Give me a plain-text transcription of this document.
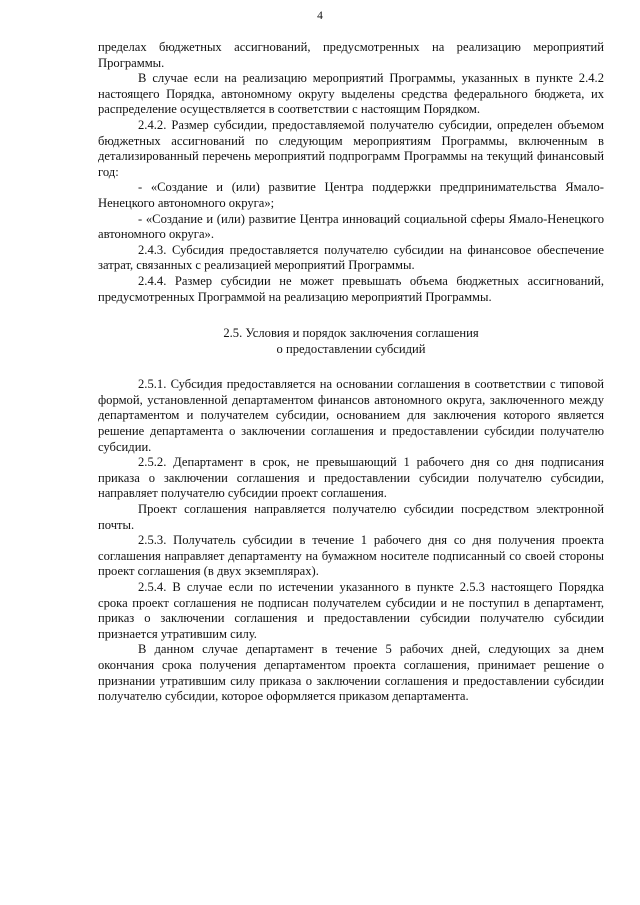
4

пределах бюджетных ассигнований, предусмотренных на реализацию мероприятий Программы.

В случае если на реализацию мероприятий Программы, указанных в пункте 2.4.2 настоящего Порядка, автономному округу выделены средства федерального бюджета, их распределение осуществляется в соответствии с настоящим Порядком.

2.4.2. Размер субсидии, предоставляемой получателю субсидии, определен объемом бюджетных ассигнований по следующим мероприятиям Программы, включенным в детализированный перечень мероприятий подпрограмм Программы на текущий финансовый год:

- «Создание и (или) развитие Центра поддержки предпринимательства Ямало-Ненецкого автономного округа»;

- «Создание и (или) развитие Центра инноваций социальной сферы Ямало-Ненецкого автономного округа».

2.4.3. Субсидия предоставляется получателю субсидии на финансовое обеспечение затрат, связанных с реализацией мероприятий Программы.

2.4.4. Размер субсидии не может превышать объема бюджетных ассигнований, предусмотренных Программой на реализацию мероприятий Программы.

2.5. Условия и порядок заключения соглашения
о предоставлении субсидий

2.5.1. Субсидия предоставляется на основании соглашения в соответствии с типовой формой, установленной департаментом финансов автономного округа, заключенного между департаментом и получателем субсидии, основанием для заключения которого является решение департамента о заключении соглашения и предоставлении субсидии получателю субсидии.

2.5.2. Департамент в срок, не превышающий 1 рабочего дня со дня подписания приказа о заключении соглашения и предоставлении субсидии получателю субсидии, направляет получателю субсидии проект соглашения.

Проект соглашения направляется получателю субсидии посредством электронной почты.

2.5.3. Получатель субсидии в течение 1 рабочего дня со дня получения проекта соглашения направляет департаменту на бумажном носителе подписанный со своей стороны проект соглашения (в двух экземплярах).

2.5.4. В случае если по истечении указанного в пункте 2.5.3 настоящего Порядка срока проект соглашения не подписан получателем субсидии и не поступил в департамент, приказ о заключении соглашения и предоставлении субсидии получателю субсидии признается утратившим силу.

В данном случае департамент в течение 5 рабочих дней, следующих за днем окончания срока получения департаментом проекта соглашения, принимает решение о признании утратившим силу приказа о заключении соглашения и предоставлении субсидии получателю субсидии, которое оформляется приказом департамента.
